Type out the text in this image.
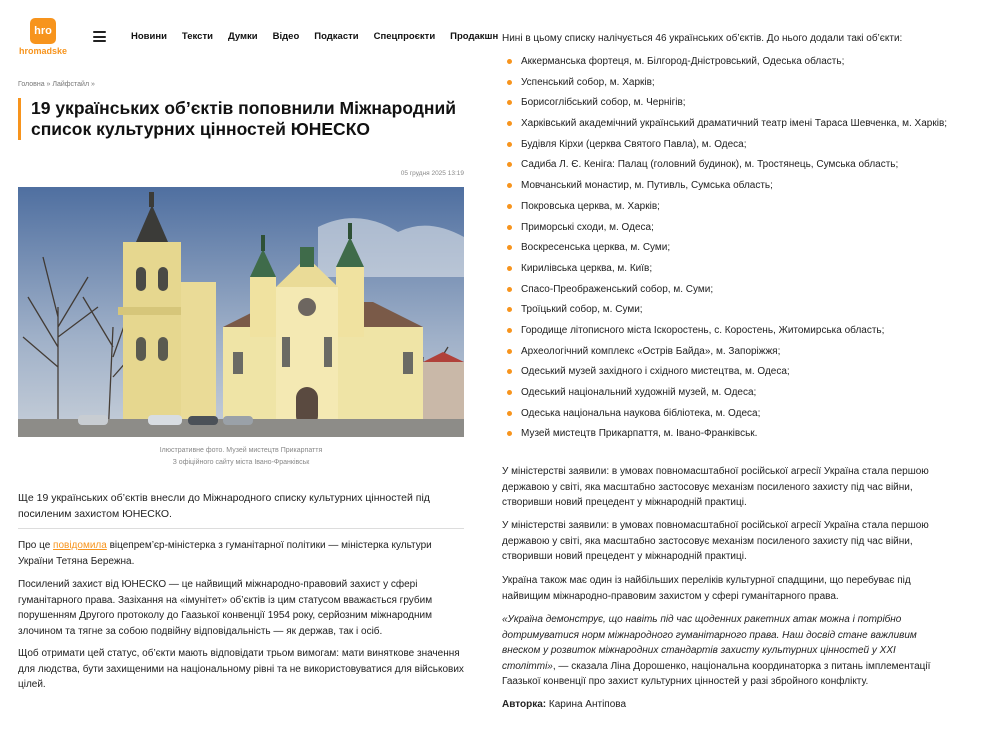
hro
hromadske
Новини Тексти Думки Відео Подкасти Спецпроєкти Продакшн
Головна » Лайфстайл »
19 українських об’єктів поповнили Міжнародний список культурних цінностей ЮНЕСКО
05 грудня 2025 13:19
Ілюстративне фото. Музей мистецтв Прикарпаття
З офіційного сайту міста Івано-Франківськ

Ще 19 українських об’єктів внесли до Міжнародного списку культурних цінностей під посиленим захистом ЮНЕСКО.

Про це повідомила віцепрем’єр-міністерка з гуманітарної політики — міністерка культури України Тетяна Бережна.

Посилений захист від ЮНЕСКО — це найвищий міжнародно-правовий захист у сфері гуманітарного права. Зазіхання на «імунітет» об’єктів із цим статусом вважається грубим порушенням Другого протоколу до Гаазької конвенції 1954 року, серйозним міжнародним злочином та тягне за собою подвійну відповідальність — як держав, так і осіб.

Щоб отримати цей статус, об’єкти мають відповідати трьом вимогам: мати виняткове значення для людства, бути захищеними на національному рівні та не використовуватися для військових цілей.

Нині в цьому списку налічується 46 українських об’єктів. До нього додали такі об’єкти:

Аккерманська фортеця, м. Білгород-Дністровський, Одеська область;
Успенський собор, м. Харків;
Борисоглібський собор, м. Чернігів;
Харківський академічний український драматичний театр імені Тараса Шевченка, м. Харків;
Будівля Кірхи (церква Святого Павла), м. Одеса;
Садиба Л. Є. Кеніга: Палац (головний будинок), м. Тростянець, Сумська область;
Мовчанський монастир, м. Путивль, Сумська область;
Покровська церква, м. Харків;
Приморські сходи, м. Одеса;
Воскресенська церква, м. Суми;
Кирилівська церква, м. Київ;
Спасо-Преображенський собор, м. Суми;
Троїцький собор, м. Суми;
Городище літописного міста Іскоростень, с. Коростень, Житомирська область;
Археологічний комплекс «Острів Байда», м. Запоріжжя;
Одеський музей західного і східного мистецтва, м. Одеса;
Одеський національний художній музей, м. Одеса;
Одеська національна наукова бібліотека, м. Одеса;
Музей мистецтв Прикарпаття, м. Івано-Франківськ.

У міністерстві заявили: в умовах повномасштабної російської агресії Україна стала першою державою у світі, яка масштабно застосовує механізм посиленого захисту під час війни, створивши новий прецедент у міжнародній практиці.

У міністерстві заявили: в умовах повномасштабної російської агресії Україна стала першою державою у світі, яка масштабно застосовує механізм посиленого захисту під час війни, створивши новий прецедент у міжнародній практиці.

Україна також має один із найбільших переліків культурної спадщини, що перебуває під найвищим міжнародно-правовим захистом у сфері гуманітарного права.

«Україна демонструє, що навіть під час щоденних ракетних атак можна і потрібно дотримуватися норм міжнародного гуманітарного права. Наш досвід стане важливим внеском у розвиток міжнародних стандартів захисту культурних цінностей у ХХІ столітті», — сказала Ліна Дорошенко, національна координаторка з питань імплементації Гаазької конвенції про захист культурних цінностей у разі збройного конфлікту.

Авторка: Карина Антіпова
